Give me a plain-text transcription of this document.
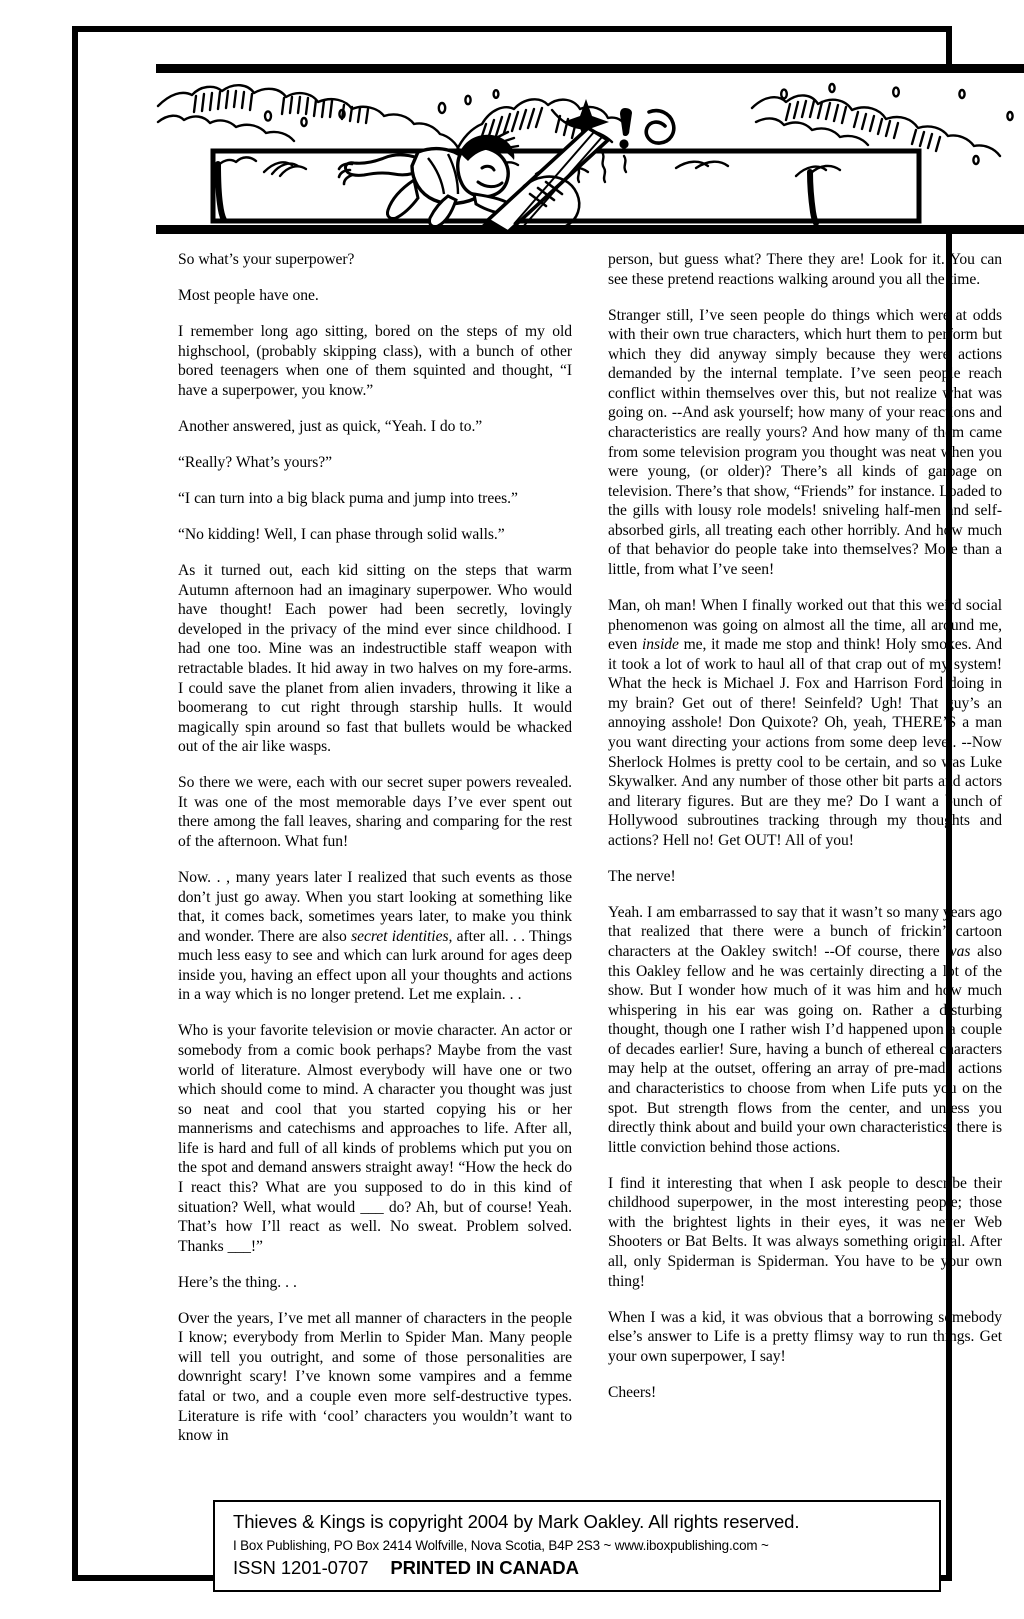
So what’s your superpower?

Most people have one.

I remember long ago sitting, bored on the steps of my old highschool, (probably skipping class), with a bunch of other bored teenagers when one of them squinted and thought, “I have a superpower, you know.”

Another answered, just as quick, “Yeah. I do to.”

“Really? What’s yours?”

“I can turn into a big black puma and jump into trees.”

“No kidding! Well, I can phase through solid walls.”

As it turned out, each kid sitting on the steps that warm Autumn afternoon had an imaginary superpower. Who would have thought! Each power had been secretly, lovingly developed in the privacy of the mind ever since childhood. I had one too. Mine was an indestructible staff weapon with retractable blades. It hid away in two halves on my fore-arms. I could save the planet from alien invaders, throwing it like a boomerang to cut right through starship hulls. It would magically spin around so fast that bullets would be whacked out of the air like wasps.

So there we were, each with our secret super powers revealed. It was one of the most memorable days I’ve ever spent out there among the fall leaves, sharing and comparing for the rest of the afternoon. What fun!

Now. . , many years later I realized that such events as those don’t just go away. When you start looking at something like that, it comes back, sometimes years later, to make you think and wonder. There are also secret identities, after all. . . Things much less easy to see and which can lurk around for ages deep inside you, having an effect upon all your thoughts and actions in a way which is no longer pretend. Let me explain. . .

Who is your favorite television or movie character. An actor or somebody from a comic book perhaps? Maybe from the vast world of literature. Almost everybody will have one or two which should come to mind. A character you thought was just so neat and cool that you started copying his or her mannerisms and catechisms and approaches to life. After all, life is hard and full of all kinds of problems which put you on the spot and demand answers straight away! “How the heck do I react this? What are you supposed to do in this kind of situation? Well, what would ___ do? Ah, but of course! Yeah. That’s how I’ll react as well. No sweat. Problem solved. Thanks ___!”

Here’s the thing. . .

Over the years, I’ve met all manner of characters in the people I know; everybody from Merlin to Spider Man. Many people will tell you outright, and some of those personalities are downright scary! I’ve known some vampires and a femme fatal or two, and a couple even more self-destructive types. Literature is rife with ‘cool’ characters you wouldn’t want to know in

person, but guess what? There they are! Look for it. You can see these pretend reactions walking around you all the time.

Stranger still, I’ve seen people do things which were at odds with their own true characters, which hurt them to perform but which they did anyway simply because they were actions demanded by the internal template. I’ve seen people reach conflict within themselves over this, but not realize what was going on. --And ask yourself; how many of your reactions and characteristics are really yours? And how many of them came from some television program you thought was neat when you were young, (or older)? There’s all kinds of garbage on television. There’s that show, “Friends” for instance. Loaded to the gills with lousy role models! sniveling half-men and self-absorbed girls, all treating each other horribly. And how much of that behavior do people take into themselves? More than a little, from what I’ve seen!

Man, oh man! When I finally worked out that this weird social phenomenon was going on almost all the time, all around me, even inside me, it made me stop and think! Holy smokes. And it took a lot of work to haul all of that crap out of my system! What the heck is Michael J. Fox and Harrison Ford doing in my brain? Get out of there! Seinfeld? Ugh! That guy’s an annoying asshole! Don Quixote? Oh, yeah, THERE’S a man you want directing your actions from some deep level. --Now Sherlock Holmes is pretty cool to be certain, and so was Luke Skywalker. And any number of those other bit parts and actors and literary figures. But are they me? Do I want a bunch of Hollywood subroutines tracking through my thoughts and actions? Hell no! Get OUT! All of you!

The nerve!

Yeah. I am embarrassed to say that it wasn’t so many years ago that realized that there were a bunch of frickin’ cartoon characters at the Oakley switch! --Of course, there was also this Oakley fellow and he was certainly directing a lot of the show. But I wonder how much of it was him and how much whispering in his ear was going on. Rather a disturbing thought, though one I rather wish I’d happened upon a couple of decades earlier! Sure, having a bunch of ethereal characters may help at the outset, offering an array of pre-made actions and characteristics to choose from when Life puts you on the spot. But strength flows from the center, and unless you directly think about and build your own characteristics, there is little conviction behind those actions.

I find it interesting that when I ask people to describe their childhood superpower, in the most interesting people; those with the brightest lights in their eyes, it was never Web Shooters or Bat Belts. It was always something original. After all, only Spiderman is Spiderman. You have to be your own thing!

When I was a kid, it was obvious that a borrowing somebody else’s answer to Life is a pretty flimsy way to run things. Get your own superpower, I say!

Cheers!

Thieves & Kings is copyright 2004 by Mark Oakley. All rights reserved.
I Box Publishing, PO Box 2414 Wolfville, Nova Scotia, B4P 2S3 ~ www.iboxpublishing.com ~
ISSN 1201-0707 PRINTED IN CANADA
